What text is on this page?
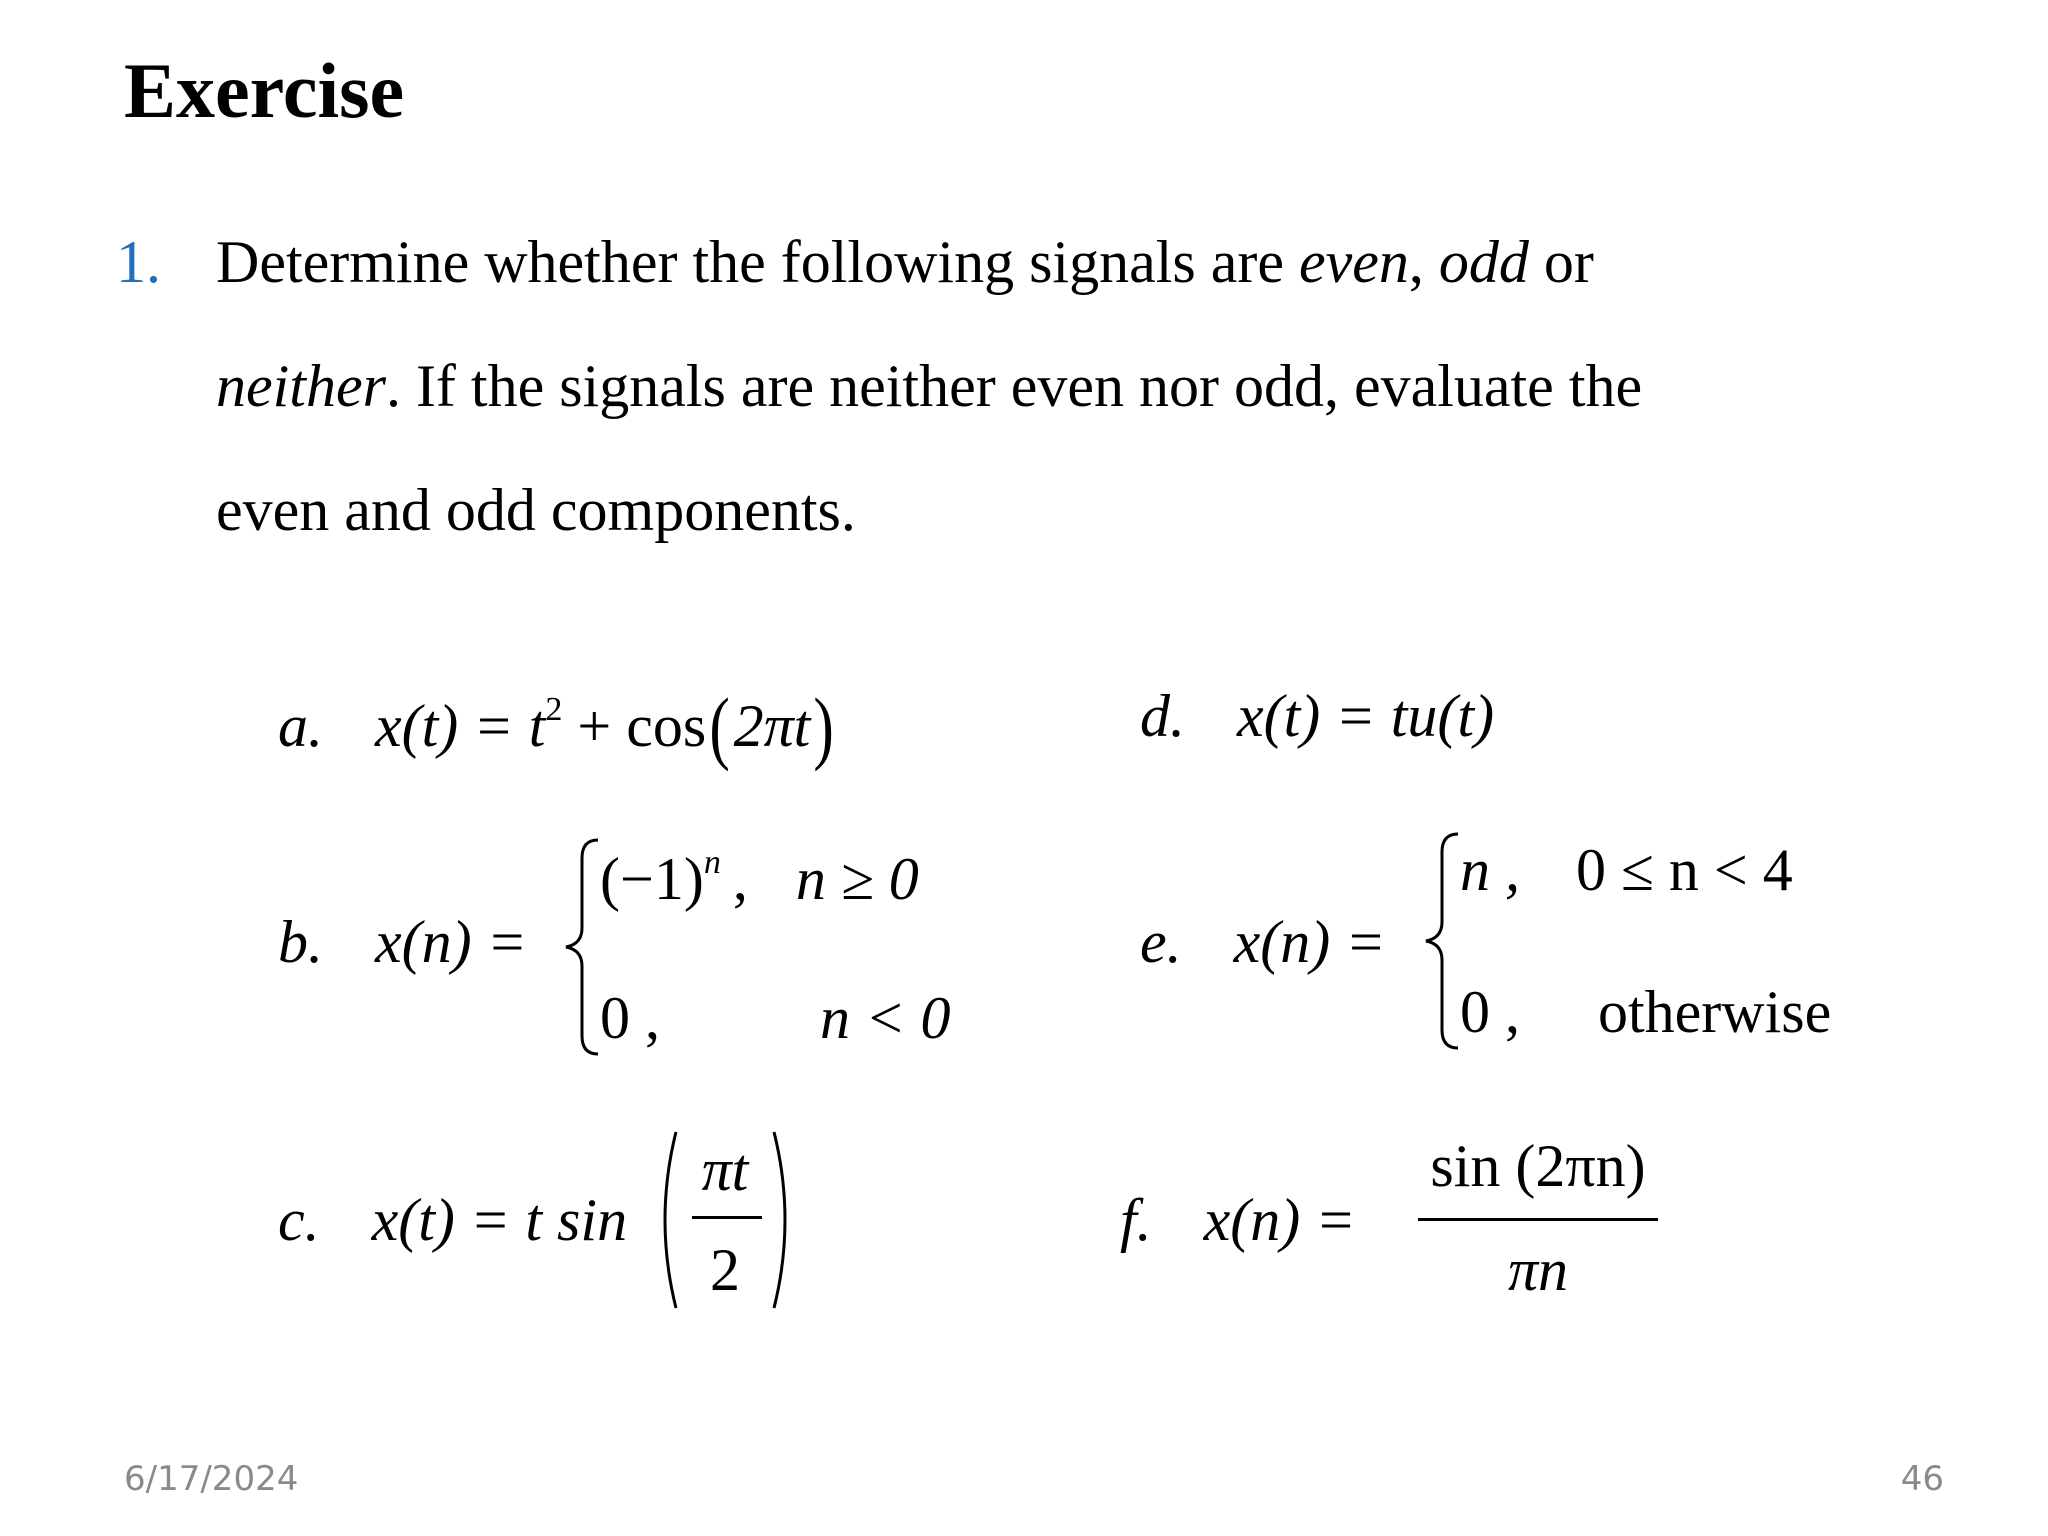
Exercise
1. Determine whether the following signals are even, odd or
neither. If the signals are neither even nor odd, evaluate the
even and odd components.
a. $x(t) = t^2 + \cos(2\pi t)$	d. x(t) = tu(t)
b. x(n) =
$(-1)^n$ , n ≥ 0
0 ,	n < 0
e. x(n) =
n , 0 ≤ n < 4
0 , otherwise
c. x(t) = t sin
πt
2
f. x(n) =
sin (2πn)
πn
6/17/2024	46
